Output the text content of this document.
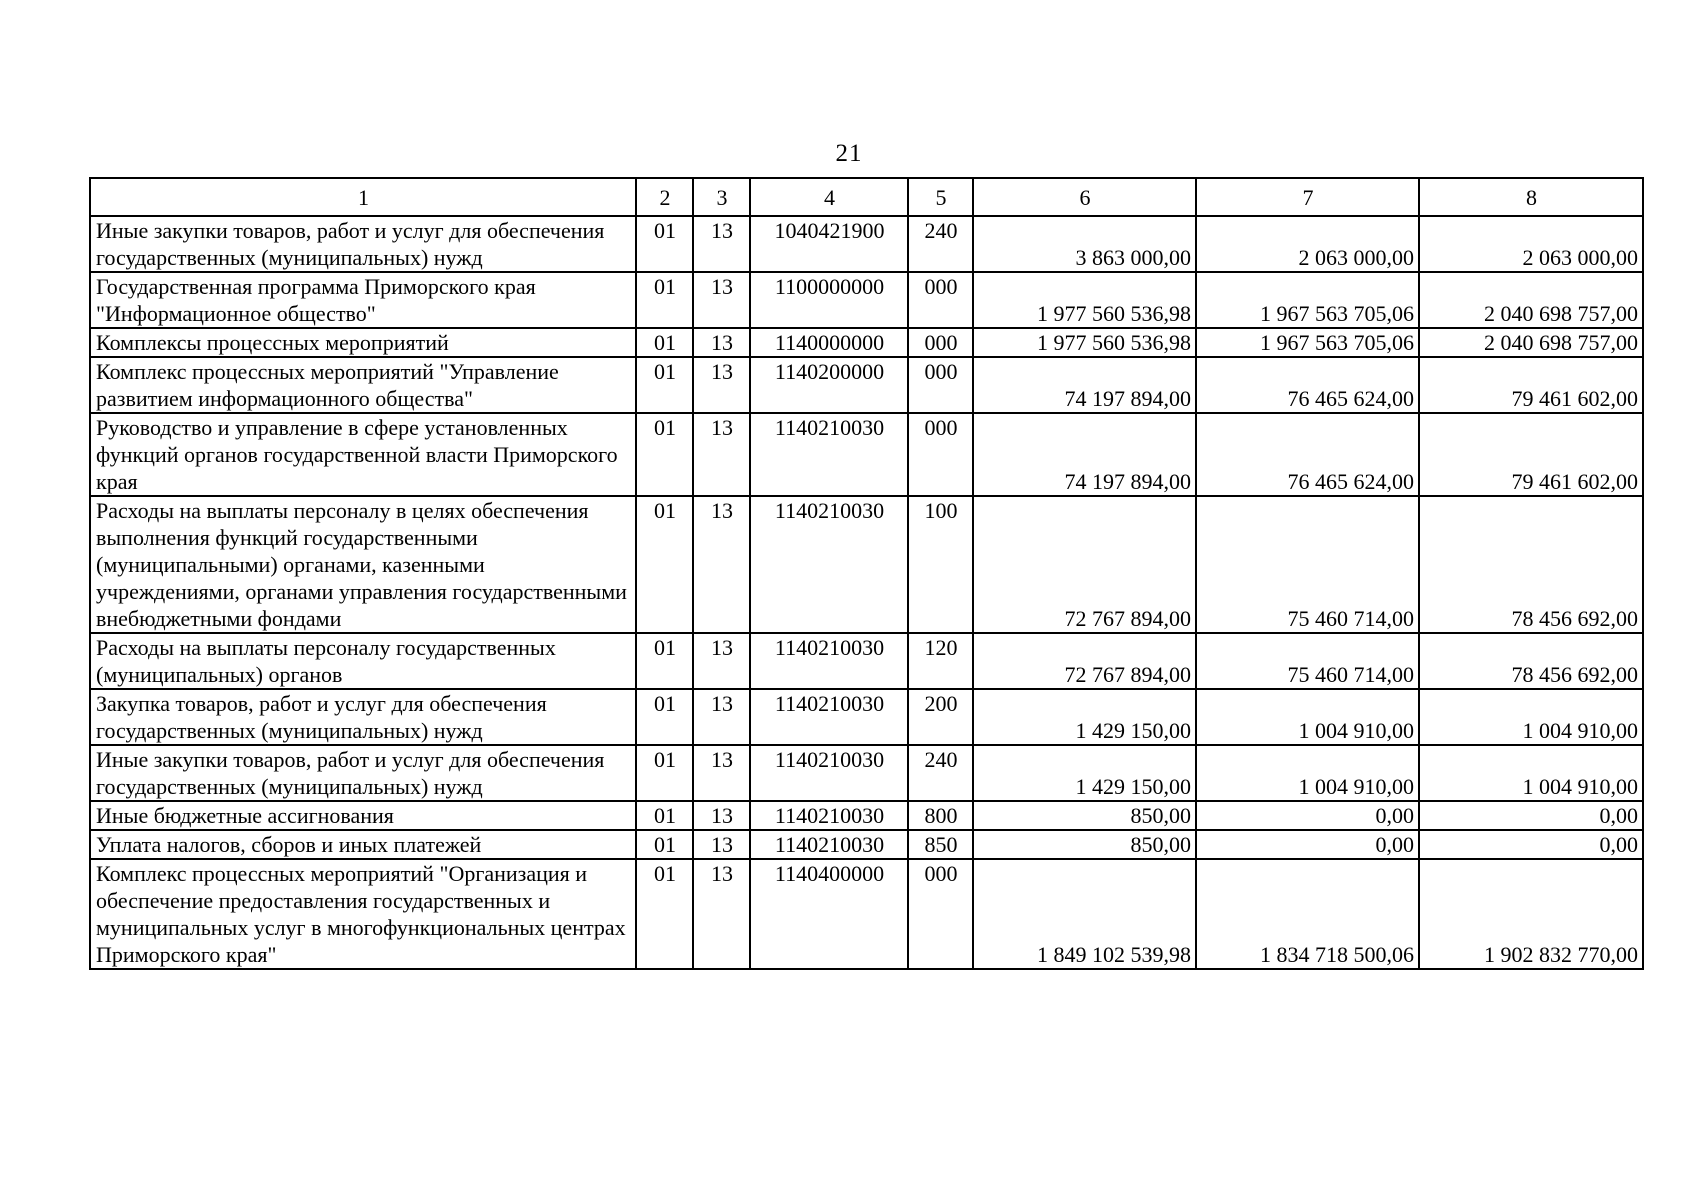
21
1	2	3	4	5	6	7	8
Иные закупки товаров, работ и услуг для обеспечения государственных (муниципальных) нужд	01	13	1040421900	240	3 863 000,00	2 063 000,00	2 063 000,00
Государственная программа Приморского края "Информационное общество"	01	13	1100000000	000	1 977 560 536,98	1 967 563 705,06	2 040 698 757,00
Комплексы процессных мероприятий	01	13	1140000000	000	1 977 560 536,98	1 967 563 705,06	2 040 698 757,00
Комплекс процессных мероприятий "Управление развитием информационного общества"	01	13	1140200000	000	74 197 894,00	76 465 624,00	79 461 602,00
Руководство и управление в сфере установленных функций органов государственной власти Приморского края	01	13	1140210030	000	74 197 894,00	76 465 624,00	79 461 602,00
Расходы на выплаты персоналу в целях обеспечения выполнения функций государственными (муниципальными) органами, казенными учреждениями, органами управления государственными внебюджетными фондами	01	13	1140210030	100	72 767 894,00	75 460 714,00	78 456 692,00
Расходы на выплаты персоналу государственных (муниципальных) органов	01	13	1140210030	120	72 767 894,00	75 460 714,00	78 456 692,00
Закупка товаров, работ и услуг для обеспечения государственных (муниципальных) нужд	01	13	1140210030	200	1 429 150,00	1 004 910,00	1 004 910,00
Иные закупки товаров, работ и услуг для обеспечения государственных (муниципальных) нужд	01	13	1140210030	240	1 429 150,00	1 004 910,00	1 004 910,00
Иные бюджетные ассигнования	01	13	1140210030	800	850,00	0,00	0,00
Уплата налогов, сборов и иных платежей	01	13	1140210030	850	850,00	0,00	0,00
Комплекс процессных мероприятий "Организация и обеспечение предоставления государственных и муниципальных услуг в многофункциональных центрах Приморского края"	01	13	1140400000	000	1 849 102 539,98	1 834 718 500,06	1 902 832 770,00
